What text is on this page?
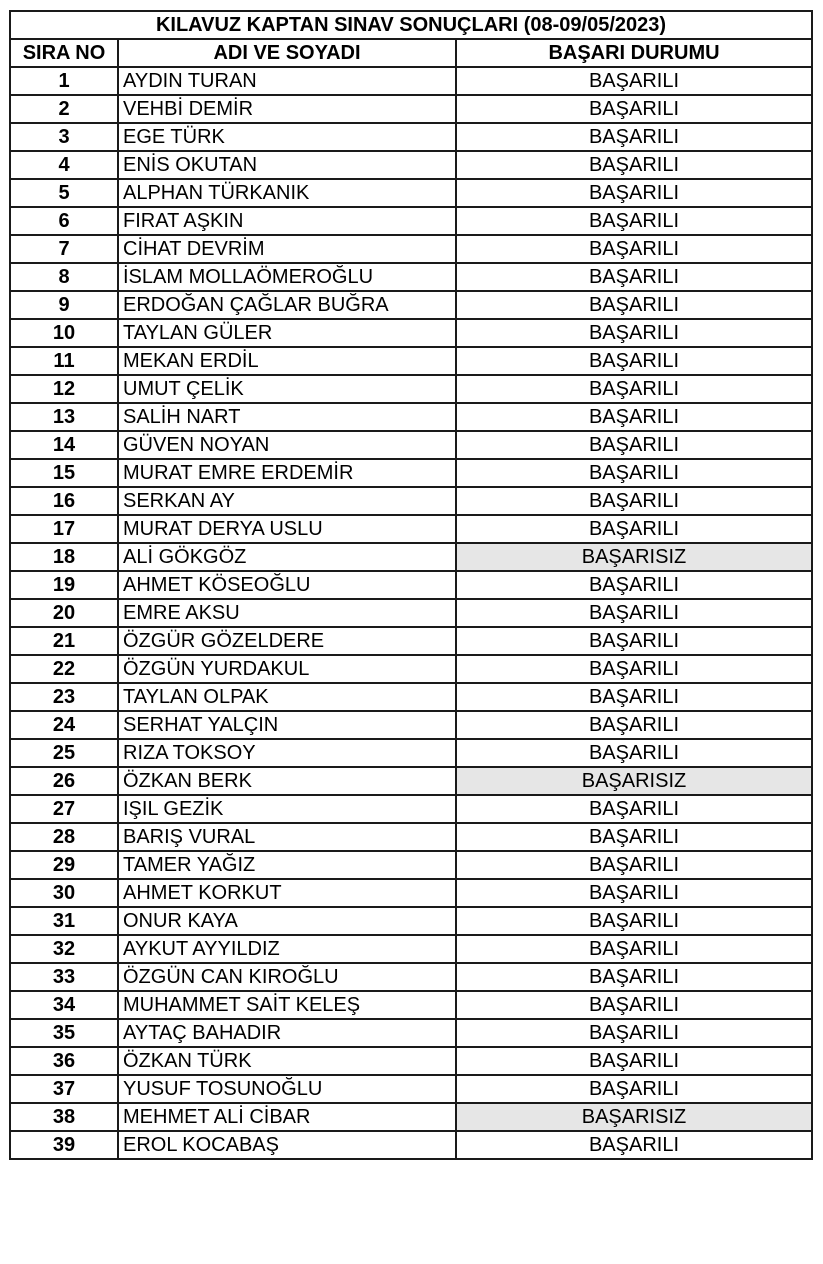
KILAVUZ KAPTAN SINAV SONUÇLARI (08-09/05/2023)		
SIRA NO	ADI VE SOYADI	BAŞARI DURUMU
1	AYDIN TURAN	BAŞARILI
2	VEHBİ DEMİR	BAŞARILI
3	EGE TÜRK	BAŞARILI
4	ENİS OKUTAN	BAŞARILI
5	ALPHAN TÜRKANIK	BAŞARILI
6	FIRAT AŞKIN	BAŞARILI
7	CİHAT DEVRİM	BAŞARILI
8	İSLAM MOLLAÖMEROĞLU	BAŞARILI
9	ERDOĞAN ÇAĞLAR BUĞRA	BAŞARILI
10	TAYLAN GÜLER	BAŞARILI
11	MEKAN ERDİL	BAŞARILI
12	UMUT ÇELİK	BAŞARILI
13	SALİH NART	BAŞARILI
14	GÜVEN NOYAN	BAŞARILI
15	MURAT EMRE ERDEMİR	BAŞARILI
16	SERKAN AY	BAŞARILI
17	MURAT DERYA USLU	BAŞARILI
18	ALİ GÖKGÖZ	BAŞARISIZ
19	AHMET KÖSEOĞLU	BAŞARILI
20	EMRE AKSU	BAŞARILI
21	ÖZGÜR GÖZELDERE	BAŞARILI
22	ÖZGÜN YURDAKUL	BAŞARILI
23	TAYLAN OLPAK	BAŞARILI
24	SERHAT YALÇIN	BAŞARILI
25	RIZA TOKSOY	BAŞARILI
26	ÖZKAN BERK	BAŞARISIZ
27	IŞIL GEZİK	BAŞARILI
28	BARIŞ VURAL	BAŞARILI
29	TAMER YAĞIZ	BAŞARILI
30	AHMET KORKUT	BAŞARILI
31	ONUR KAYA	BAŞARILI
32	AYKUT AYYILDIZ	BAŞARILI
33	ÖZGÜN CAN KIROĞLU	BAŞARILI
34	MUHAMMET SAİT KELEŞ	BAŞARILI
35	AYTAÇ BAHADIR	BAŞARILI
36	ÖZKAN TÜRK	BAŞARILI
37	YUSUF TOSUNOĞLU	BAŞARILI
38	MEHMET ALİ CİBAR	BAŞARISIZ
39	EROL KOCABAŞ	BAŞARILI
